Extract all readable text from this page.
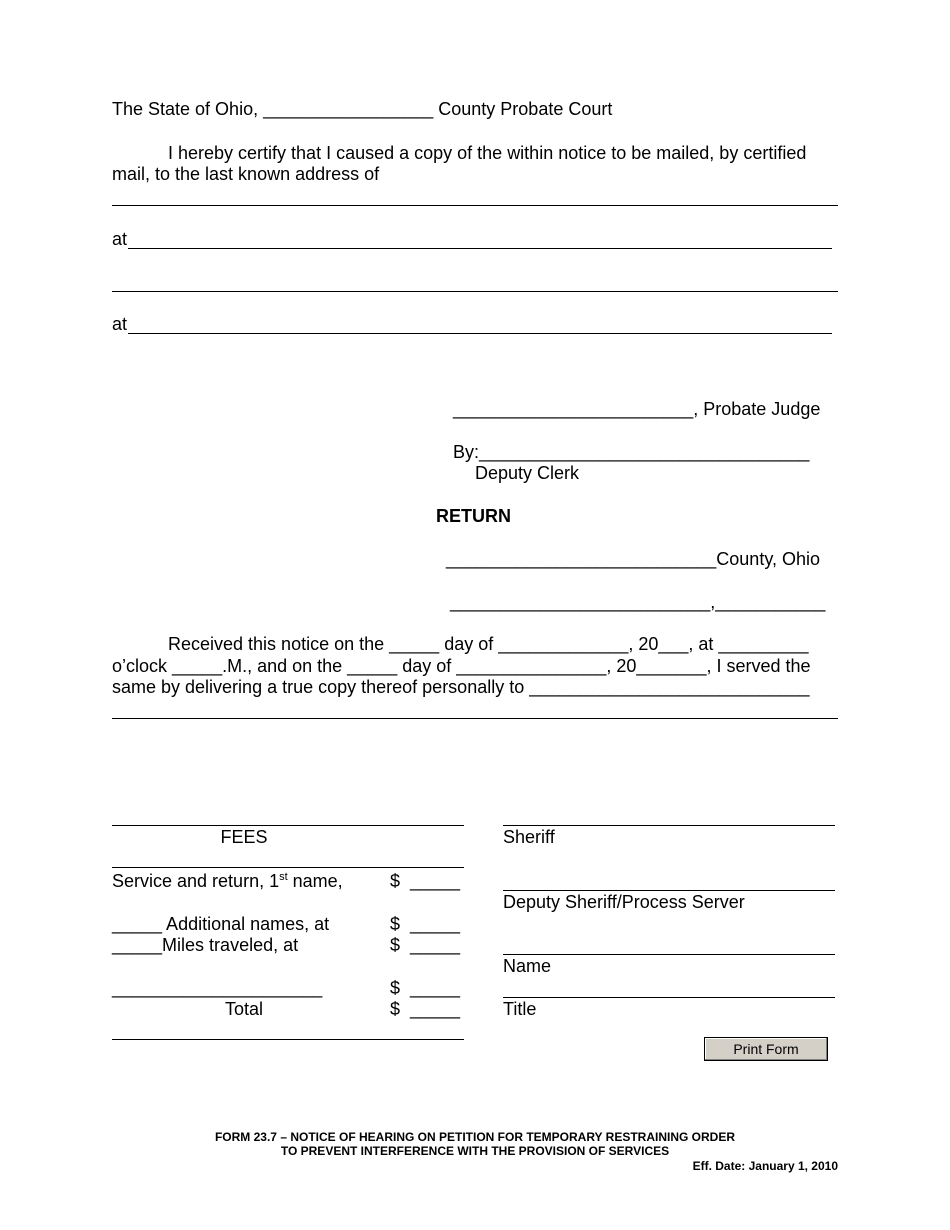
The State of Ohio, _________________ County Probate Court
I hereby certify that I caused a copy of the within notice to be mailed, by certified
mail, to the last known address of
at
at
________________________, Probate Judge
By:_________________________________
Deputy Clerk
RETURN
___________________________County, Ohio
__________________________,___________
Received this notice on the _____ day of _____________, 20___, at _________
o’clock _____.M., and on the _____ day of _______________, 20_______, I served the
same by delivering a true copy thereof personally to ____________________________
FEES
Service and return, 1st name,	$ _____
_____ Additional names, at	$ _____
_____Miles traveled, at	$ _____
_____________________	$ _____
Total	$ _____
Sheriff
Deputy Sheriff/Process Server
Name
Title
Print Form
FORM 23.7 – NOTICE OF HEARING ON PETITION FOR TEMPORARY RESTRAINING ORDER
TO PREVENT INTERFERENCE WITH THE PROVISION OF SERVICES
Eff. Date: January 1, 2010
